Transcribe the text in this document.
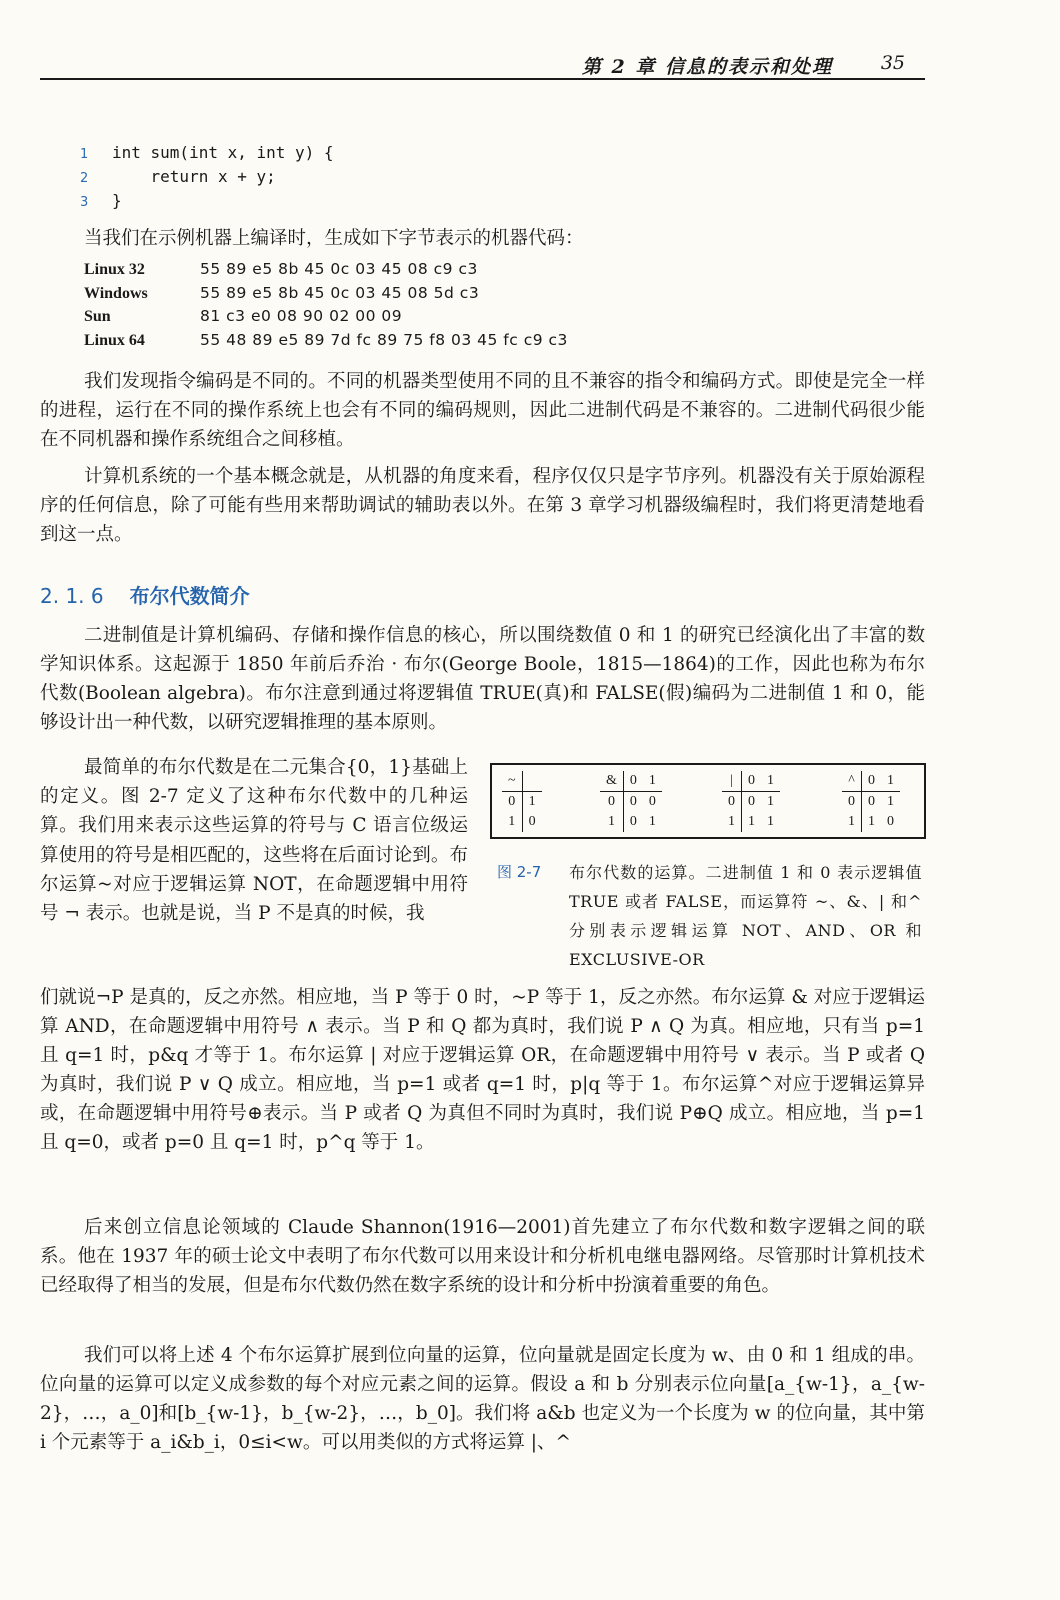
第 2 章 信息的表示和处理	35
1 int sum(int x, int y) {
2    return x + y;
3 }
当我们在示例机器上编译时，生成如下字节表示的机器代码：
Linux 32	55 89 e5 8b 45 0c 03 45 08 c9 c3
Windows	55 89 e5 8b 45 0c 03 45 08 5d c3
Sun	81 c3 e0 08 90 02 00 09
Linux 64	55 48 89 e5 89 7d fc 89 75 f8 03 45 fc c9 c3
我们发现指令编码是不同的。不同的机器类型使用不同的且不兼容的指令和编码方式。即使是完全一样的进程，运行在不同的操作系统上也会有不同的编码规则，因此二进制代码是不兼容的。二进制代码很少能在不同机器和操作系统组合之间移植。
计算机系统的一个基本概念就是，从机器的角度来看，程序仅仅只是字节序列。机器没有关于原始源程序的任何信息，除了可能有些用来帮助调试的辅助表以外。在第 3 章学习机器级编程时，我们将更清楚地看到这一点。
2. 1. 6 布尔代数简介
二进制值是计算机编码、存储和操作信息的核心，所以围绕数值 0 和 1 的研究已经演化出了丰富的数学知识体系。这起源于 1850 年前后乔治 · 布尔(George Boole，1815—1864)的工作，因此也称为布尔代数(Boolean algebra)。布尔注意到通过将逻辑值 TRUE(真)和 FALSE(假)编码为二进制值 1 和 0，能够设计出一种代数，以研究逻辑推理的基本原则。
最简单的布尔代数是在二元集合{0，1}基础上的定义。图 2-7 定义了这种布尔代数中的几种运算。我们用来表示这些运算的符号与 C 语言位级运算使用的符号是相匹配的，这些将在后面讨论到。布尔运算~对应于逻辑运算 NOT，在命题逻辑中用符号 ¬ 表示。也就是说，当 P 不是真的时候，我
们就说¬P 是真的，反之亦然。相应地，当 P 等于 0 时，~P 等于 1，反之亦然。布尔运算 & 对应于逻辑运算 AND，在命题逻辑中用符号 ∧ 表示。当 P 和 Q 都为真时，我们说 P ∧ Q 为真。相应地，只有当 p=1 且 q=1 时，p&q 才等于 1。布尔运算 | 对应于逻辑运算 OR，在命题逻辑中用符号 ∨ 表示。当 P 或者 Q 为真时，我们说 P ∨ Q 成立。相应地，当 p=1 或者 q=1 时，p|q 等于 1。布尔运算^对应于逻辑运算异或，在命题逻辑中用符号⊕表示。当 P 或者 Q 为真但不同时为真时，我们说 P⊕Q 成立。相应地，当 p=1 且 q=0，或者 p=0 且 q=1 时，p^q 等于 1。
后来创立信息论领域的 Claude Shannon(1916—2001)首先建立了布尔代数和数字逻辑之间的联系。他在 1937 年的硕士论文中表明了布尔代数可以用来设计和分析机电继电器网络。尽管那时计算机技术已经取得了相当的发展，但是布尔代数仍然在数字系统的设计和分析中扮演着重要的角色。
我们可以将上述 4 个布尔运算扩展到位向量的运算，位向量就是固定长度为 w、由 0 和 1 组成的串。位向量的运算可以定义成参数的每个对应元素之间的运算。假设 a 和 b 分别表示位向量[a_{w-1}，a_{w-2}，…，a_0]和[b_{w-1}，b_{w-2}，…，b_0]。我们将 a&b 也定义为一个长度为 w 的位向量，其中第 i 个元素等于 a_i&b_i，0≤i<w。可以用类似的方式将运算 |、^
~	
0	1
1	0
&	0	1
0	0	0
1	0	1
|	0	1
0	0	1
1	1	1
^	0	1
0	0	1
1	1	0
图 2-7 布尔代数的运算。二进制值 1 和 0 表示逻辑值 TRUE 或者 FALSE，而运算符 ~、&、| 和^分别表示逻辑运算 NOT、AND、OR 和 EXCLUSIVE-OR
